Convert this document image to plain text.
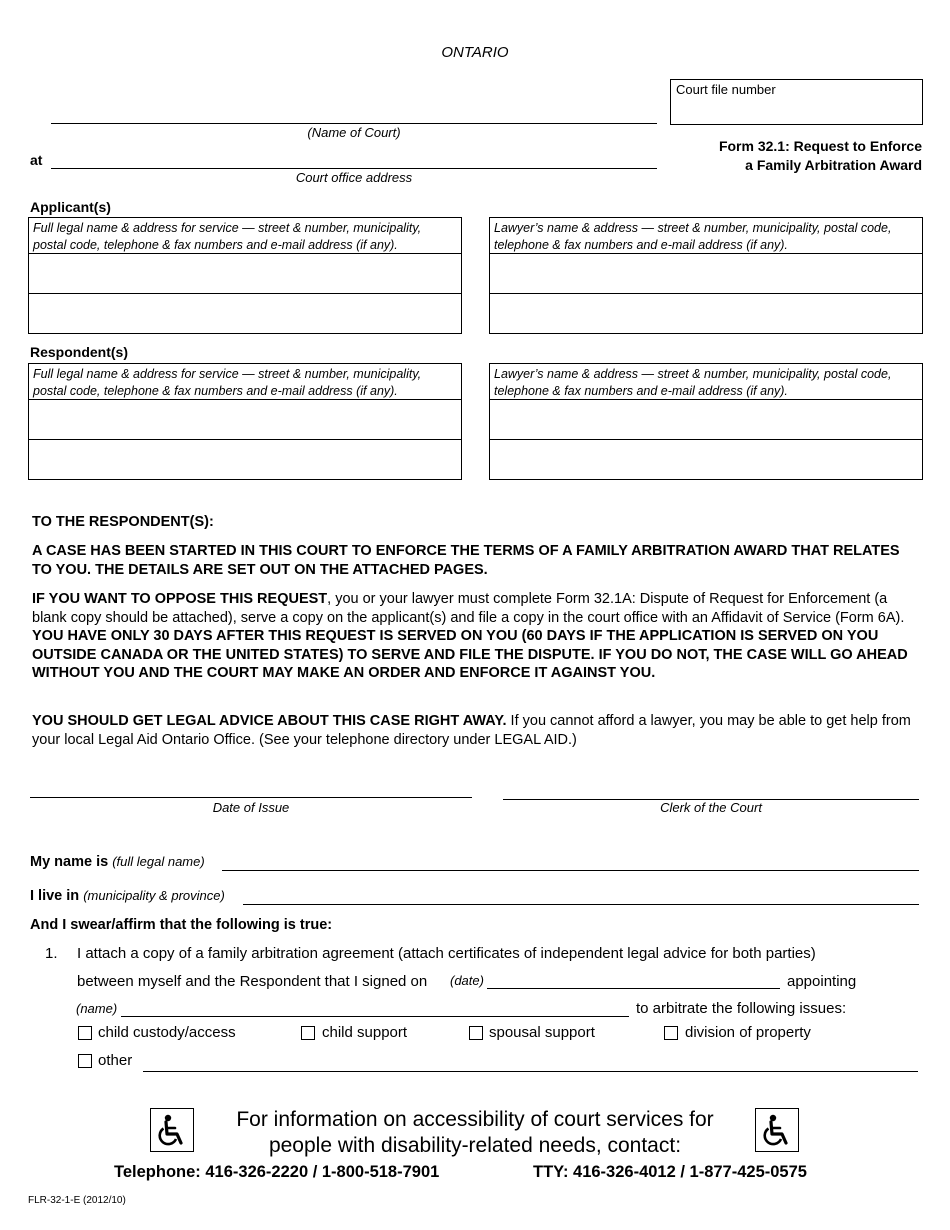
ONTARIO
Court file number
(Name of Court)
at
Court office address
Form 32.1: Request to Enforce
a Family Arbitration Award
Applicant(s)
Full legal name & address for service — street & number, municipality, postal code, telephone & fax numbers and e-mail address (if any).
Lawyer’s name & address — street & number, municipality, postal code, telephone & fax numbers and e-mail address (if any).
Respondent(s)
Full legal name & address for service — street & number, municipality, postal code, telephone & fax numbers and e-mail address (if any).
Lawyer’s name & address — street & number, municipality, postal code, telephone & fax numbers and e-mail address (if any).
TO THE RESPONDENT(S):
A CASE HAS BEEN STARTED IN THIS COURT TO ENFORCE THE TERMS OF A FAMILY ARBITRATION AWARD THAT RELATES TO YOU. THE DETAILS ARE SET OUT ON THE ATTACHED PAGES.
IF YOU WANT TO OPPOSE THIS REQUEST, you or your lawyer must complete Form 32.1A: Dispute of Request for Enforcement (a blank copy should be attached), serve a copy on the applicant(s) and file a copy in the court office with an Affidavit of Service (Form 6A). YOU HAVE ONLY 30 DAYS AFTER THIS REQUEST IS SERVED ON YOU (60 DAYS IF THE APPLICATION IS SERVED ON YOU OUTSIDE CANADA OR THE UNITED STATES) TO SERVE AND FILE THE DISPUTE. IF YOU DO NOT, THE CASE WILL GO AHEAD WITHOUT YOU AND THE COURT MAY MAKE AN ORDER AND ENFORCE IT AGAINST YOU.
YOU SHOULD GET LEGAL ADVICE ABOUT THIS CASE RIGHT AWAY. If you cannot afford a lawyer, you may be able to get help from your local Legal Aid Ontario Office. (See your telephone directory under LEGAL AID.)
Date of Issue	Clerk of the Court
My name is (full legal name)
I live in (municipality & province)
And I swear/affirm that the following is true:
1. I attach a copy of a family arbitration agreement (attach certificates of independent legal advice for both parties)
between myself and the Respondent that I signed on (date)	appointing
(name)	to arbitrate the following issues:
child custody/access	child support	spousal support	division of property
other
For information on accessibility of court services for
people with disability-related needs, contact:
Telephone: 416-326-2220 / 1-800-518-7901	TTY: 416-326-4012 / 1-877-425-0575
FLR-32-1-E (2012/10)
